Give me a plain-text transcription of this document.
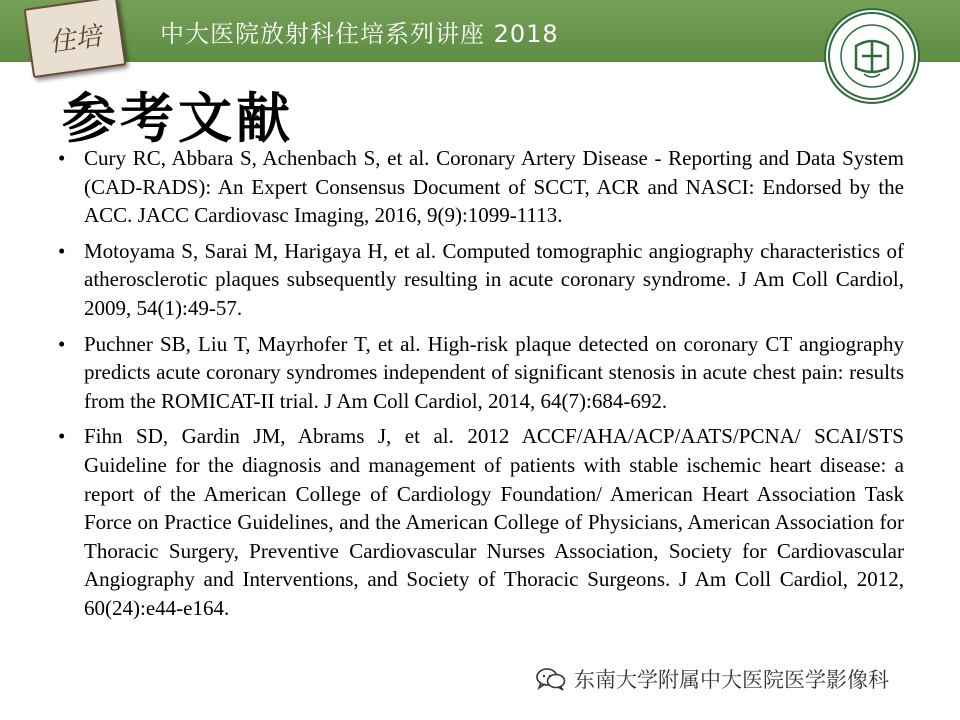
住培 中大医院放射科住培系列讲座 2018
参考文献
• Cury RC, Abbara S, Achenbach S, et al. Coronary Artery Disease - Reporting and Data System (CAD-RADS): An Expert Consensus Document of SCCT, ACR and NASCI: Endorsed by the ACC. JACC Cardiovasc Imaging, 2016, 9(9):1099-1113.
• Motoyama S, Sarai M, Harigaya H, et al. Computed tomographic angiography characteristics of atherosclerotic plaques subsequently resulting in acute coronary syndrome. J Am Coll Cardiol, 2009, 54(1):49-57.
• Puchner SB, Liu T, Mayrhofer T, et al. High-risk plaque detected on coronary CT angiography predicts acute coronary syndromes independent of significant stenosis in acute chest pain: results from the ROMICAT-II trial. J Am Coll Cardiol, 2014, 64(7):684-692.
• Fihn SD, Gardin JM, Abrams J, et al. 2012 ACCF/AHA/ACP/AATS/PCNA/ SCAI/STS Guideline for the diagnosis and management of patients with stable ischemic heart disease: a report of the American College of Cardiology Foundation/ American Heart Association Task Force on Practice Guidelines, and the American College of Physicians, American Association for Thoracic Surgery, Preventive Cardiovascular Nurses Association, Society for Cardiovascular Angiography and Interventions, and Society of Thoracic Surgeons. J Am Coll Cardiol, 2012, 60(24):e44-e164.
东南大学附属中大医院医学影像科
